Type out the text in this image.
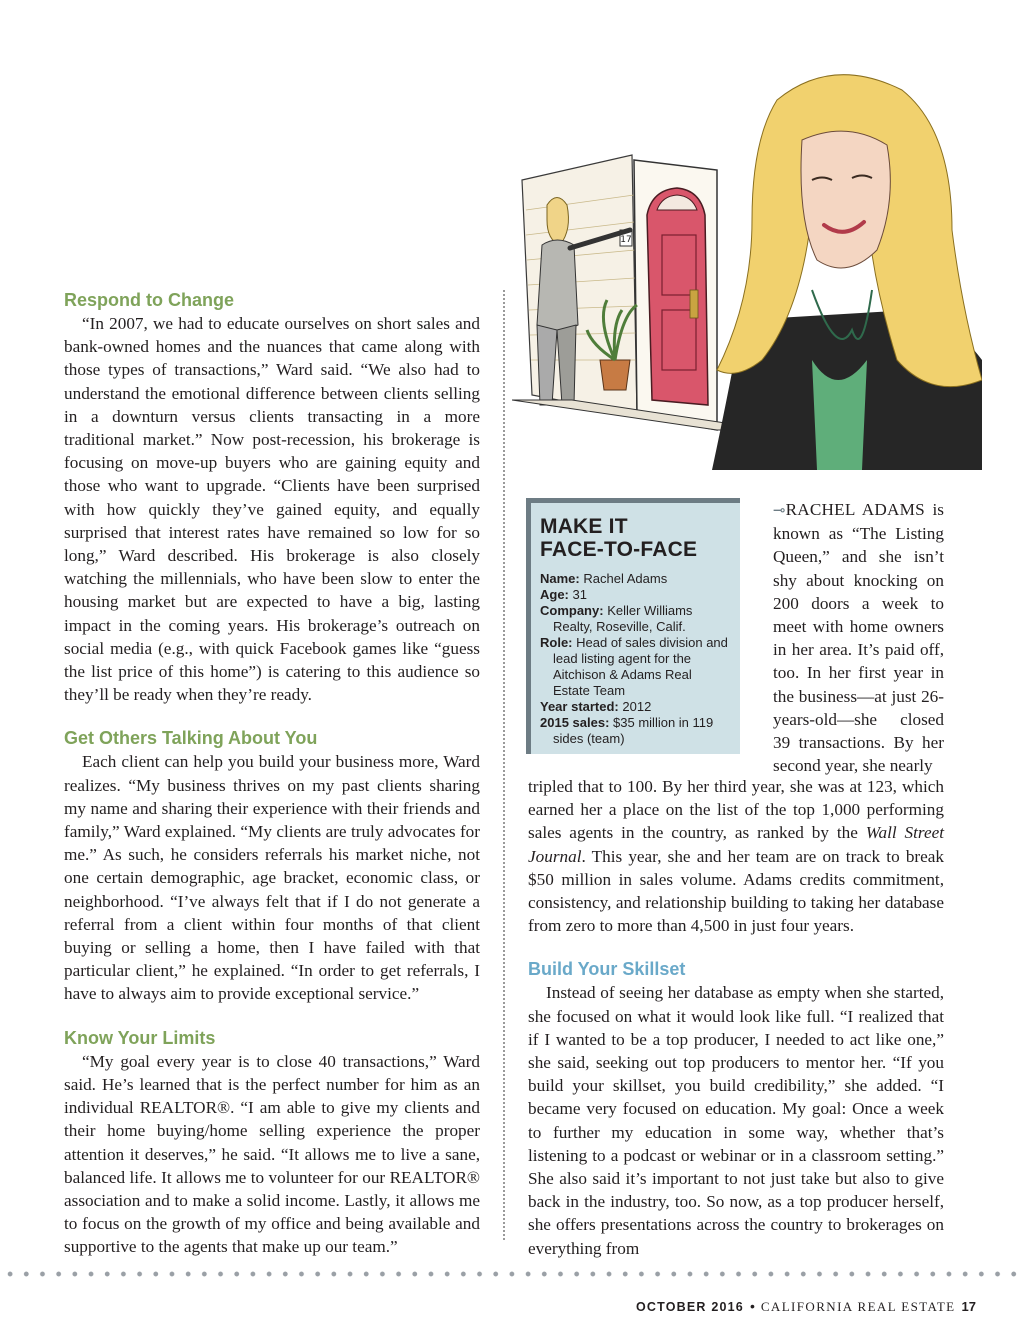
17
Respond to Change

“In 2007, we had to educate ourselves on short sales and bank-owned homes and the nuances that came along with those types of transactions,” Ward said. “We also had to understand the emotional difference between clients selling in a downturn versus clients transacting in a more traditional market.” Now post-recession, his brokerage is focusing on move-up buyers who are gaining equity and those who want to upgrade. “Clients have been surprised with how quickly they’ve gained equity, and equally surprised that interest rates have remained so low for so long,” Ward described. His brokerage is also closely watching the millennials, who have been slow to enter the housing market but are expected to have a big, lasting impact in the coming years. His brokerage’s outreach on social media (e.g., with quick Facebook games like “guess the list price of this home”) is catering to this audience so they’ll be ready when they’re ready.

Get Others Talking About You

Each client can help you build your business more, Ward realizes. “My business thrives on my past clients sharing my name and sharing their experience with their friends and family,” Ward explained. “My clients are truly advocates for me.” As such, he considers referrals his market niche, not one certain demographic, age bracket, economic class, or neighborhood. “I’ve always felt that if I do not generate a referral from a client within four months of that client buying or selling a home, then I have failed with that particular client,” he explained. “In order to get referrals, I have to always aim to provide exceptional service.”

Know Your Limits

“My goal every year is to close 40 transactions,” Ward said. He’s learned that is the perfect number for him as an individual REALTOR®. “I am able to give my clients and their home buying/home selling experience the proper attention it deserves,” he said. “It allows me to live a sane, balanced life. It allows me to volunteer for our REALTOR® association and to make a solid income. Lastly, it allows me to focus on the growth of my office and being available and supportive to the agents that make up our team.”

MAKE IT
FACE-TO-FACE
Name: Rachel Adams
Age: 31
Company: Keller Williams Realty, Roseville, Calif.
Role: Head of sales division and lead listing agent for the Aitchison & Adams Real Estate Team
Year started: 2012
2015 sales: $35 million in 119 sides (team)

⊸RACHEL ADAMS is known as “The Listing Queen,” and she isn’t shy about knocking on 200 doors a week to meet with home owners in her area. It’s paid off, too. In her first year in the business—at just 26-years-old—she closed 39 transactions. By her second year, she nearly

tripled that to 100. By her third year, she was at 123, which earned her a place on the list of the top 1,000 performing sales agents in the country, as ranked by the Wall Street Journal. This year, she and her team are on track to break $50 million in sales volume. Adams credits commitment, consistency, and relationship building to taking her database from zero to more than 4,500 in just four years.

Build Your Skillset

Instead of seeing her database as empty when she started, she focused on what it would look like full. “I realized that if I wanted to be a top producer, I needed to act like one,” she said, seeking out top producers to mentor her. “If you build your skillset, you build credibility,” she added. “I became very focused on education. My goal: Once a week to further my education in some way, whether that’s listening to a podcast or webinar or in a classroom setting.” She also said it’s important to not just take but also to give back in the industry, too. So now, as a top producer herself, she offers presentations across the country to brokerages on everything from

OCTOBER 2016 • CALIFORNIA REAL ESTATE 17
